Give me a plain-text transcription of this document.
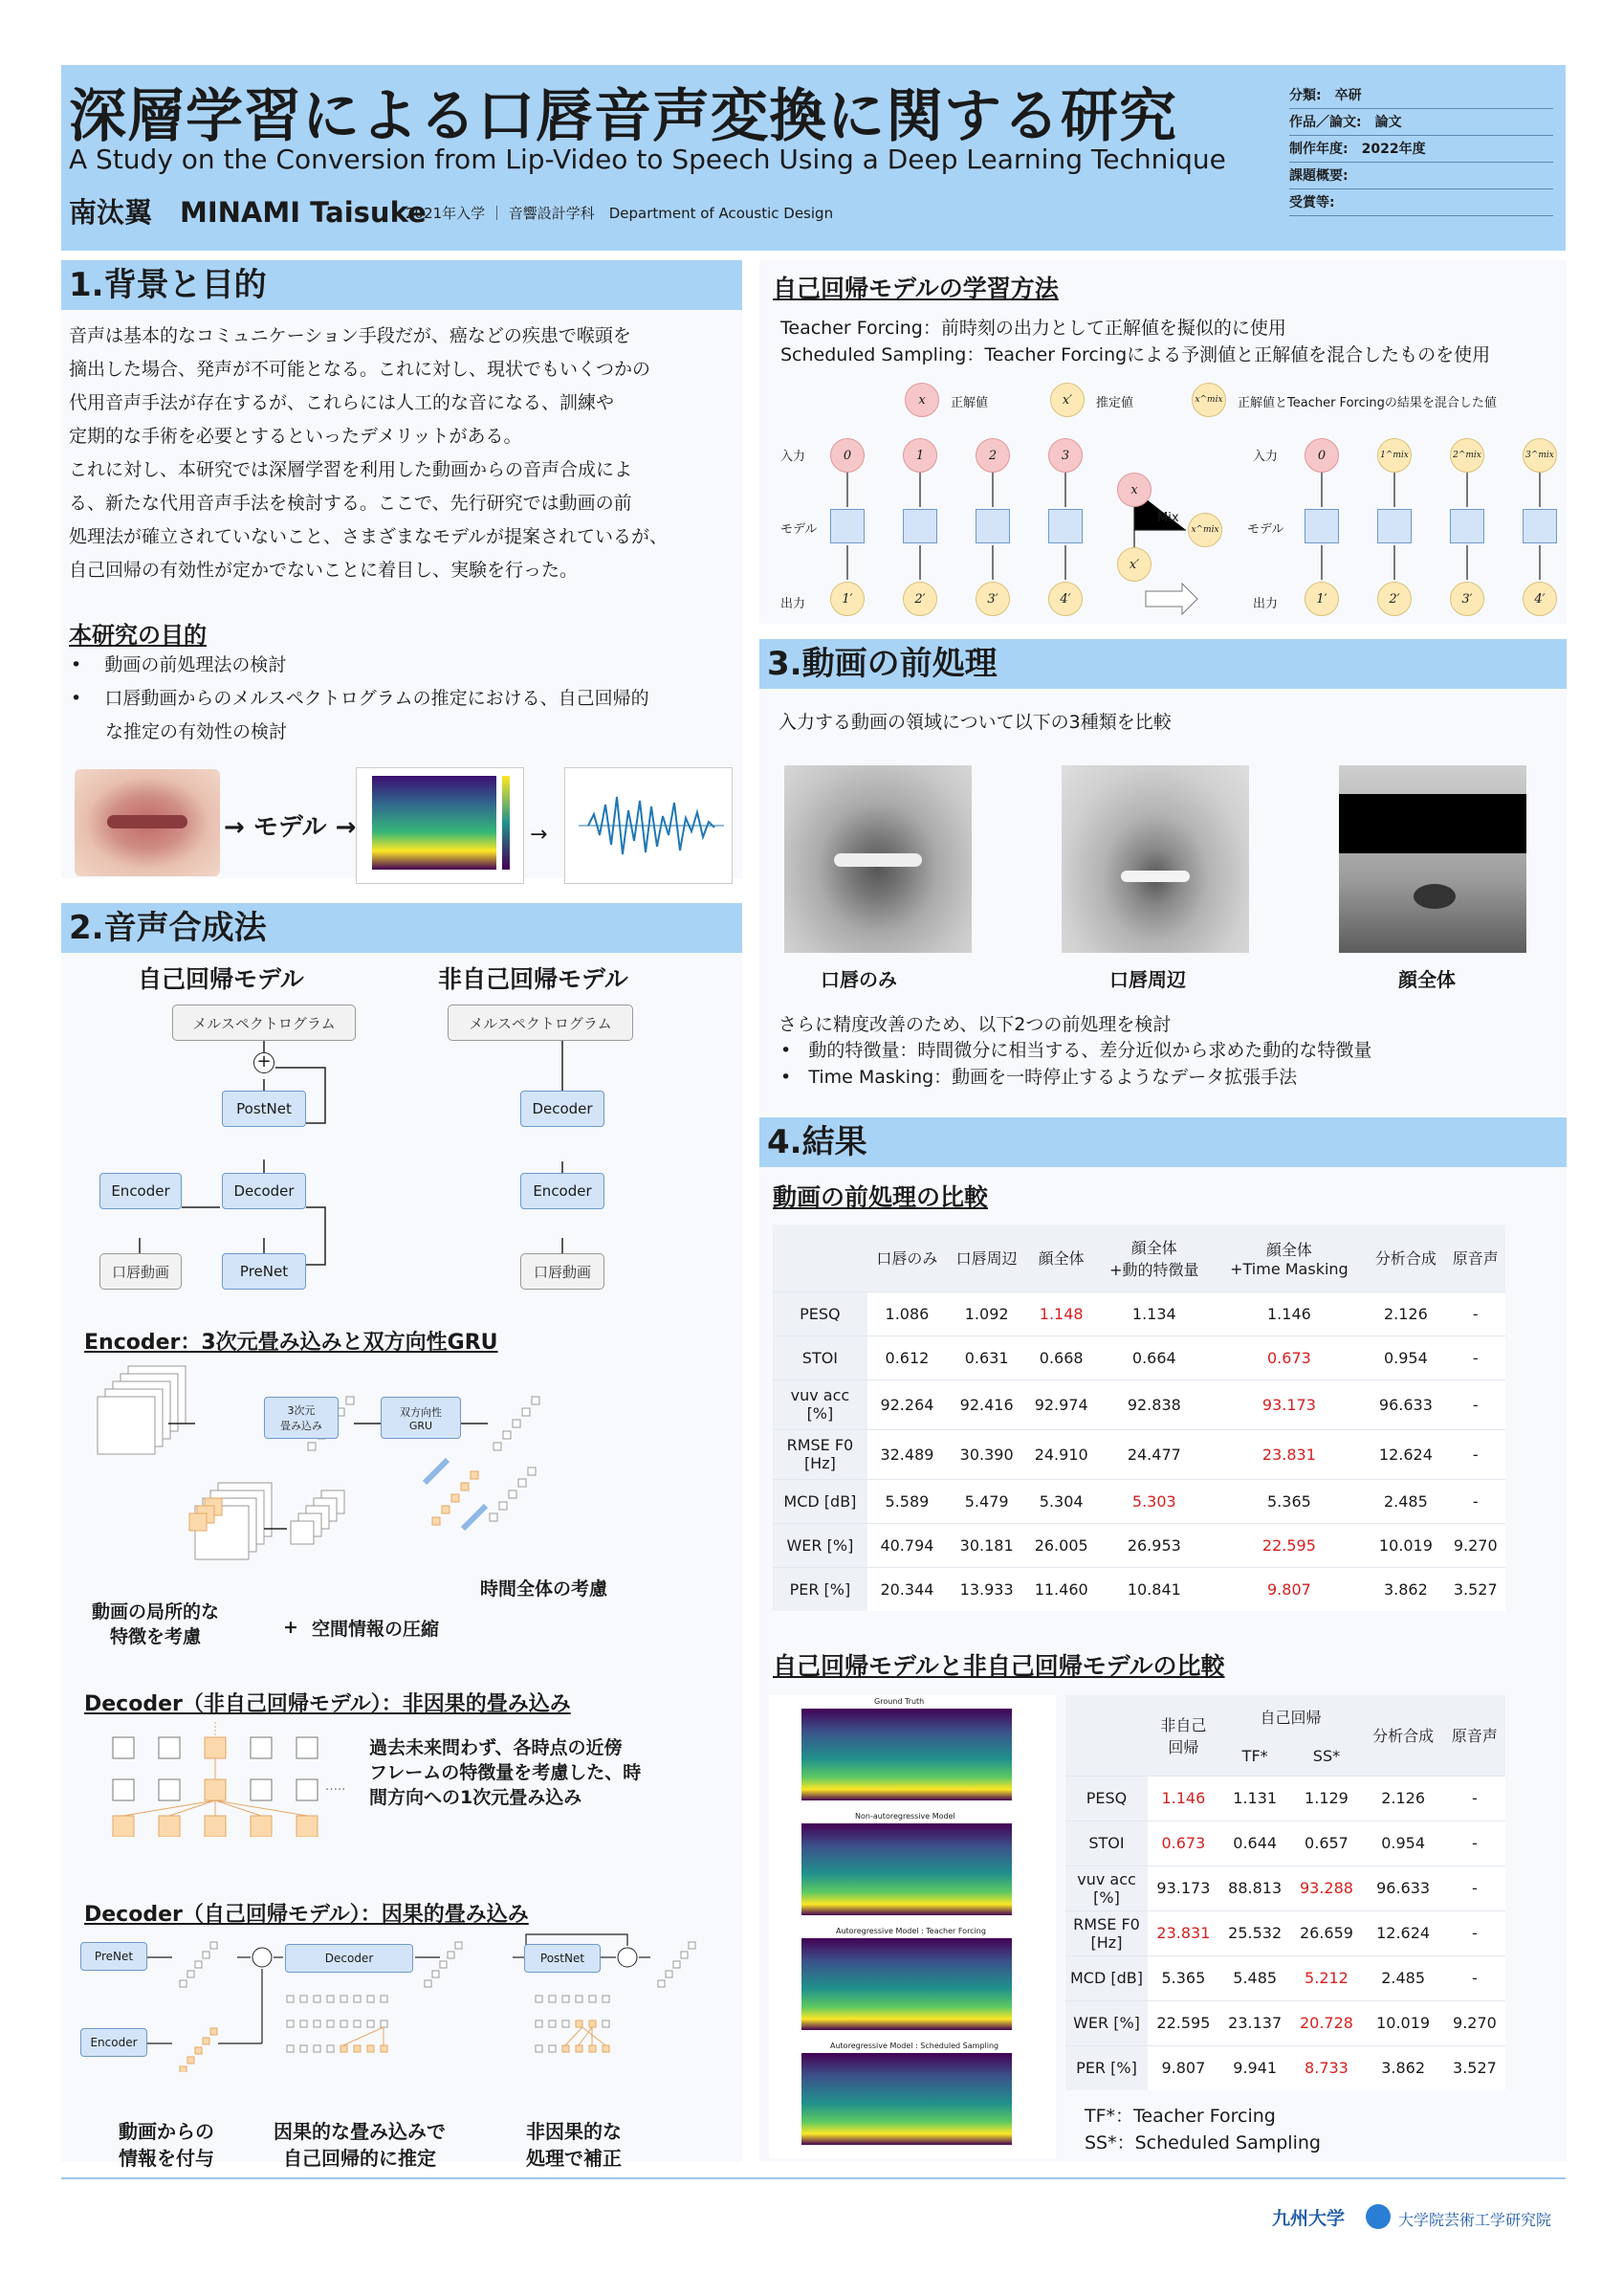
深層学習による口唇音声変換に関する研究
A Study on the Conversion from Lip-Video to Speech Using a Deep Learning Technique
南汰翼　MINAMI Taisuke
2021年入学 ｜ 音響設計学科　Department of Acoustic Design
分類:　卒研
作品／論文:　論文
制作年度:　2022年度
課題概要:
受賞等:
1.背景と目的
音声は基本的なコミュニケーション手段だが、癌などの疾患で喉頭を
摘出した場合、発声が不可能となる。これに対し、現状でもいくつかの
代用音声手法が存在するが、これらには人工的な音になる、訓練や
定期的な手術を必要とするといったデメリットがある。
これに対し、本研究では深層学習を利用した動画からの音声合成によ
る、新たな代用音声手法を検討する。ここで、先行研究では動画の前
処理法が確立されていないこと、さまざまなモデルが提案されているが、
自己回帰の有効性が定かでないことに着目し、実験を行った。
本研究の目的
•    動画の前処理法の検討
•    口唇動画からのメルスペクトログラムの推定における、自己回帰的
な推定の有効性の検討
→ モデル →	→
2.音声合成法
自己回帰モデル	非自己回帰モデル
メルスペクトログラム
+
PostNet
Decoder
Encoder
PreNet
口唇動画
メルスペクトログラム
Decoder
Encoder
口唇動画
Encoder：3次元畳み込みと双方向性GRU
3次元
畳み込み
双方向性
GRU
動画の局所的な
特徴を考慮	+ 空間情報の圧縮
時間全体の考慮
Decoder（非自己回帰モデル）：非因果的畳み込み
…..
過去未来問わず、各時点の近傍
フレームの特徴量を考慮した、時
間方向への1次元畳み込み
Decoder（自己回帰モデル）：因果的畳み込み
PreNet
Encoder
Decoder	PostNet
動画からの
情報を付与
因果的な畳み込みで
自己回帰的に推定
非因果的な
処理で補正
自己回帰モデルの学習方法
Teacher Forcing：前時刻の出力として正解値を擬似的に使用
Scheduled Sampling：Teacher Forcingによる予測値と正解値を混合したものを使用
x	正解値	x′	推定値	x^mix 正解値とTeacher Forcingの結果を混合した値
入力
モデル
出力
0	1	2	3
1′	2′	3′	4′
x
x′
Mix
x^mix
入力
モデル
出力
0	1^mix	2^mix	3^mix
1′	2′	3′	4′
3.動画の前処理
入力する動画の領域について以下の3種類を比較
口唇のみ	口唇周辺	顔全体
さらに精度改善のため、以下2つの前処理を検討
•   動的特徴量：時間微分に相当する、差分近似から求めた動的な特徴量
•   Time Masking：動画を一時停止するようなデータ拡張手法
4.結果
動画の前処理の比較
	口唇のみ	口唇周辺	顔全体	顔全体
+動的特徴量	顔全体
+Time Masking	分析合成	原音声
PESQ	1.086	1.092	1.148	1.134	1.146	2.126	-
STOI	0.612	0.631	0.668	0.664	0.673	0.954	-
vuv acc
[%]	92.264	92.416	92.974	92.838	93.173	96.633	-
RMSE F0
[Hz]	32.489	30.390	24.910	24.477	23.831	12.624	-
MCD [dB]	5.589	5.479	5.304	5.303	5.365	2.485	-
WER [%]	40.794	30.181	26.005	26.953	22.595	10.019	9.270
PER [%]	20.344	13.933	11.460	10.841	9.807	3.862	3.527
自己回帰モデルと非自己回帰モデルの比較
Ground Truth
Non-autoregressive Model
Autoregressive Model : Teacher Forcing
Autoregressive Model : Scheduled Sampling
	非自己
回帰	自己回帰		分析合成	原音声
		TF*	SS*		
PESQ	1.146	1.131	1.129	2.126	-
STOI	0.673	0.644	0.657	0.954	-
vuv acc
[%]	93.173	88.813	93.288	96.633	-
RMSE F0
[Hz]	23.831	25.532	26.659	12.624	-
MCD [dB]	5.365	5.485	5.212	2.485	-
WER [%]	22.595	23.137	20.728	10.019	9.270
PER [%]	9.807	9.941	8.733	3.862	3.527
TF*：Teacher Forcing
SS*：Scheduled Sampling
九州大学	大学院芸術工学研究院
